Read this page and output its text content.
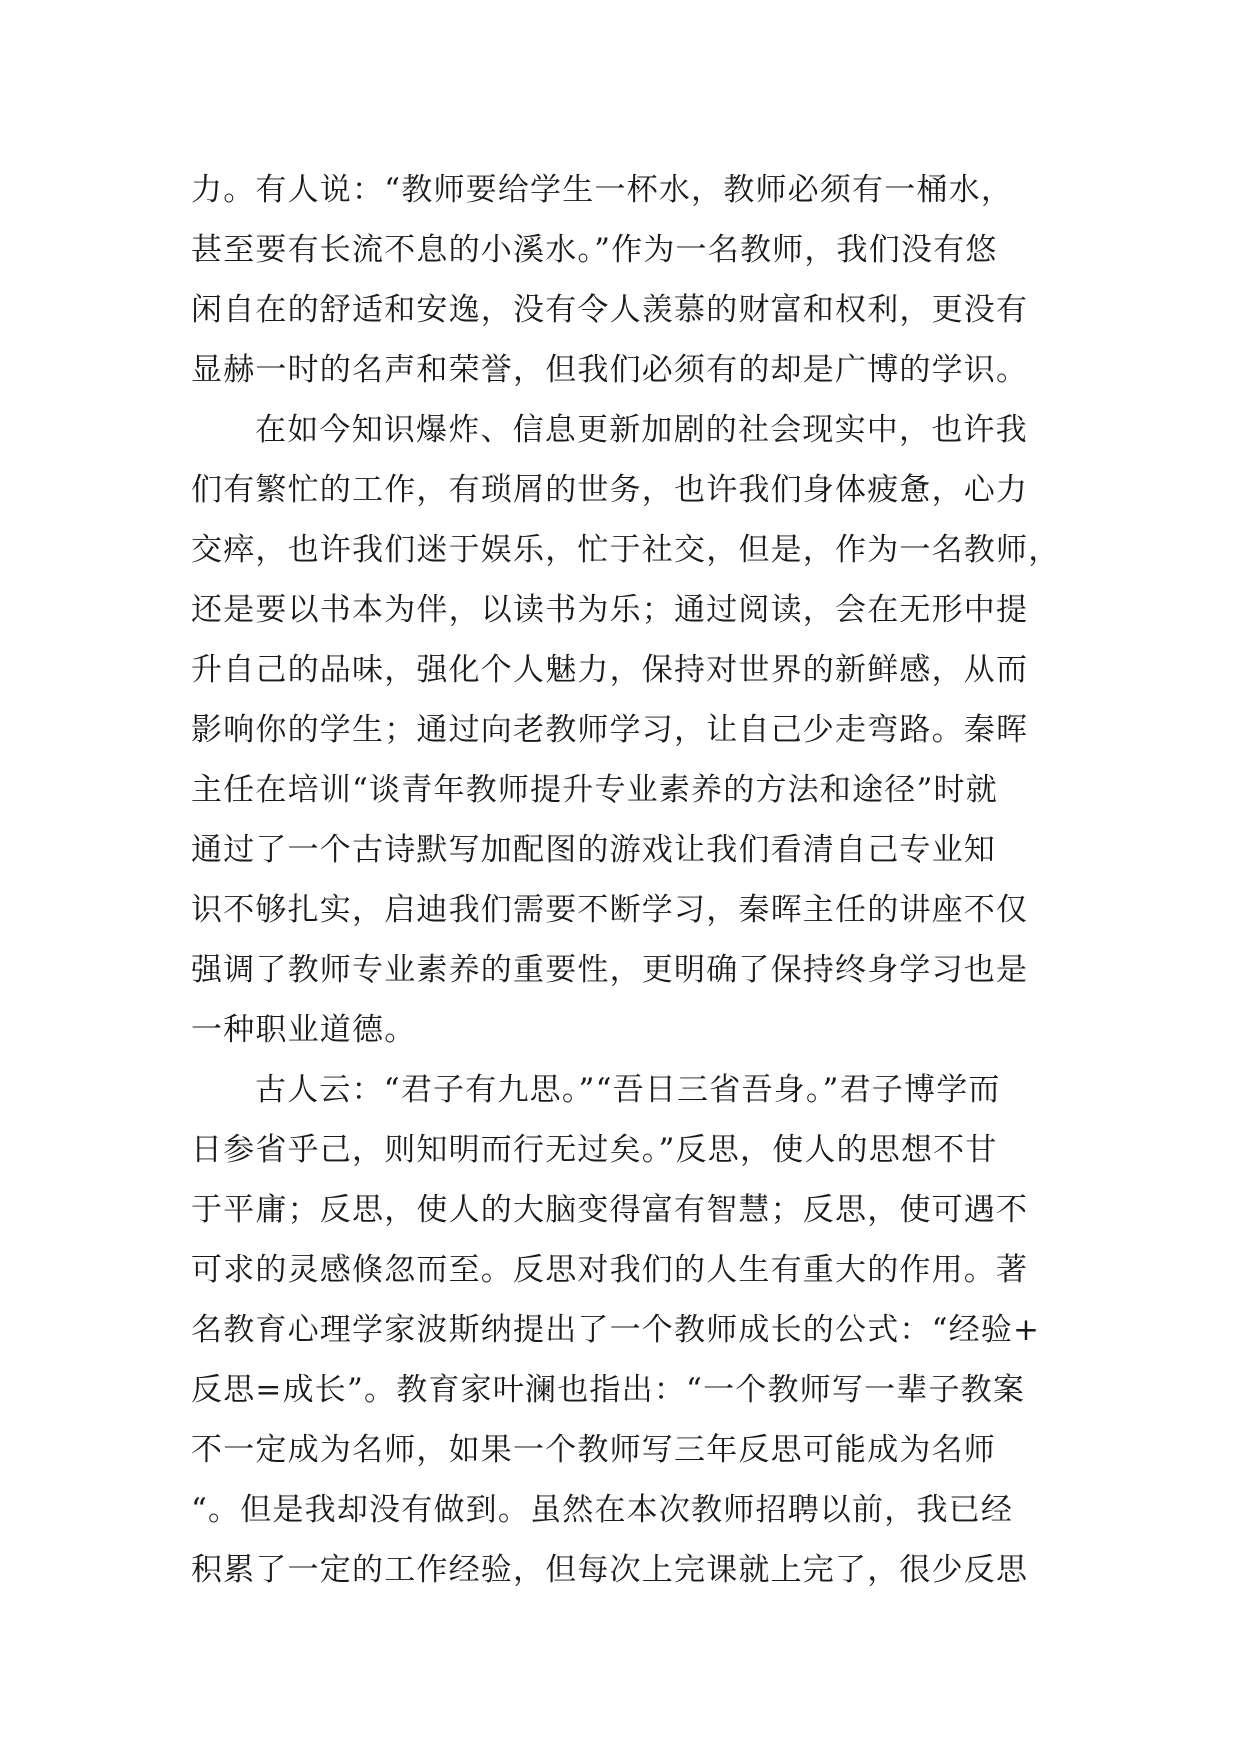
力。有人说：“教师要给学生一杯水，教师必须有一桶水，
甚至要有长流不息的小溪水。”作为一名教师，我们没有悠
闲自在的舒适和安逸，没有令人羡慕的财富和权利，更没有
显赫一时的名声和荣誉，但我们必须有的却是广博的学识。
在如今知识爆炸、信息更新加剧的社会现实中，也许我
们有繁忙的工作，有琐屑的世务，也许我们身体疲惫，心力
交瘁，也许我们迷于娱乐，忙于社交，但是，作为一名教师，
还是要以书本为伴，以读书为乐；通过阅读，会在无形中提
升自己的品味，强化个人魅力，保持对世界的新鲜感，从而
影响你的学生；通过向老教师学习，让自己少走弯路。秦晖
主任在培训“谈青年教师提升专业素养的方法和途径”时就
通过了一个古诗默写加配图的游戏让我们看清自己专业知
识不够扎实，启迪我们需要不断学习，秦晖主任的讲座不仅
强调了教师专业素养的重要性，更明确了保持终身学习也是
一种职业道德。
古人云：“君子有九思。”“吾日三省吾身。”君子博学而
日参省乎己，则知明而行无过矣。”反思，使人的思想不甘
于平庸；反思，使人的大脑变得富有智慧；反思，使可遇不
可求的灵感倏忽而至。反思对我们的人生有重大的作用。著
名教育心理学家波斯纳提出了一个教师成长的公式：“经验+
反思=成长”。教育家叶澜也指出：“一个教师写一辈子教案
不一定成为名师，如果一个教师写三年反思可能成为名师
“。但是我却没有做到。虽然在本次教师招聘以前，我已经
积累了一定的工作经验，但每次上完课就上完了，很少反思
